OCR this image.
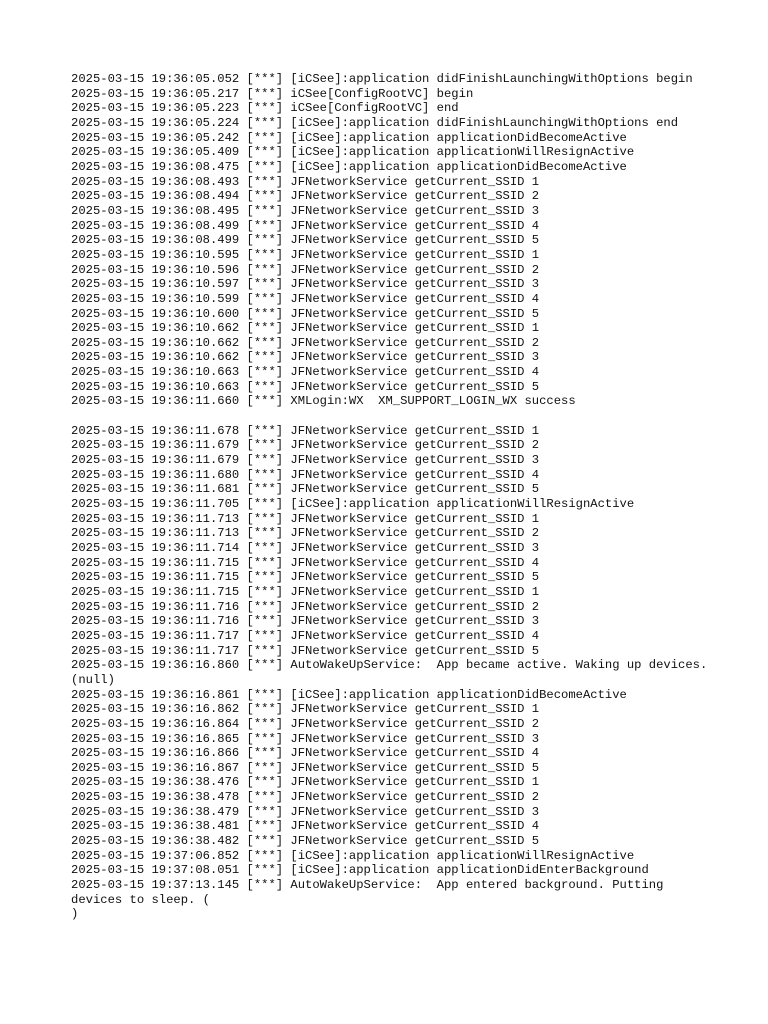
2025-03-15 19:36:05.052 [***] [iCSee]:application didFinishLaunchingWithOptions begin
2025-03-15 19:36:05.217 [***] iCSee[ConfigRootVC] begin
2025-03-15 19:36:05.223 [***] iCSee[ConfigRootVC] end
2025-03-15 19:36:05.224 [***] [iCSee]:application didFinishLaunchingWithOptions end
2025-03-15 19:36:05.242 [***] [iCSee]:application applicationDidBecomeActive
2025-03-15 19:36:05.409 [***] [iCSee]:application applicationWillResignActive
2025-03-15 19:36:08.475 [***] [iCSee]:application applicationDidBecomeActive
2025-03-15 19:36:08.493 [***] JFNetworkService getCurrent_SSID 1
2025-03-15 19:36:08.494 [***] JFNetworkService getCurrent_SSID 2
2025-03-15 19:36:08.495 [***] JFNetworkService getCurrent_SSID 3
2025-03-15 19:36:08.499 [***] JFNetworkService getCurrent_SSID 4
2025-03-15 19:36:08.499 [***] JFNetworkService getCurrent_SSID 5
2025-03-15 19:36:10.595 [***] JFNetworkService getCurrent_SSID 1
2025-03-15 19:36:10.596 [***] JFNetworkService getCurrent_SSID 2
2025-03-15 19:36:10.597 [***] JFNetworkService getCurrent_SSID 3
2025-03-15 19:36:10.599 [***] JFNetworkService getCurrent_SSID 4
2025-03-15 19:36:10.600 [***] JFNetworkService getCurrent_SSID 5
2025-03-15 19:36:10.662 [***] JFNetworkService getCurrent_SSID 1
2025-03-15 19:36:10.662 [***] JFNetworkService getCurrent_SSID 2
2025-03-15 19:36:10.662 [***] JFNetworkService getCurrent_SSID 3
2025-03-15 19:36:10.663 [***] JFNetworkService getCurrent_SSID 4
2025-03-15 19:36:10.663 [***] JFNetworkService getCurrent_SSID 5
2025-03-15 19:36:11.660 [***] XMLogin:WX  XM_SUPPORT_LOGIN_WX success
2025-03-15 19:36:11.678 [***] JFNetworkService getCurrent_SSID 1
2025-03-15 19:36:11.679 [***] JFNetworkService getCurrent_SSID 2
2025-03-15 19:36:11.679 [***] JFNetworkService getCurrent_SSID 3
2025-03-15 19:36:11.680 [***] JFNetworkService getCurrent_SSID 4
2025-03-15 19:36:11.681 [***] JFNetworkService getCurrent_SSID 5
2025-03-15 19:36:11.705 [***] [iCSee]:application applicationWillResignActive
2025-03-15 19:36:11.713 [***] JFNetworkService getCurrent_SSID 1
2025-03-15 19:36:11.713 [***] JFNetworkService getCurrent_SSID 2
2025-03-15 19:36:11.714 [***] JFNetworkService getCurrent_SSID 3
2025-03-15 19:36:11.715 [***] JFNetworkService getCurrent_SSID 4
2025-03-15 19:36:11.715 [***] JFNetworkService getCurrent_SSID 5
2025-03-15 19:36:11.715 [***] JFNetworkService getCurrent_SSID 1
2025-03-15 19:36:11.716 [***] JFNetworkService getCurrent_SSID 2
2025-03-15 19:36:11.716 [***] JFNetworkService getCurrent_SSID 3
2025-03-15 19:36:11.717 [***] JFNetworkService getCurrent_SSID 4
2025-03-15 19:36:11.717 [***] JFNetworkService getCurrent_SSID 5
2025-03-15 19:36:16.860 [***] AutoWakeUpService:  App became active. Waking up devices. (null)
2025-03-15 19:36:16.861 [***] [iCSee]:application applicationDidBecomeActive
2025-03-15 19:36:16.862 [***] JFNetworkService getCurrent_SSID 1
2025-03-15 19:36:16.864 [***] JFNetworkService getCurrent_SSID 2
2025-03-15 19:36:16.865 [***] JFNetworkService getCurrent_SSID 3
2025-03-15 19:36:16.866 [***] JFNetworkService getCurrent_SSID 4
2025-03-15 19:36:16.867 [***] JFNetworkService getCurrent_SSID 5
2025-03-15 19:36:38.476 [***] JFNetworkService getCurrent_SSID 1
2025-03-15 19:36:38.478 [***] JFNetworkService getCurrent_SSID 2
2025-03-15 19:36:38.479 [***] JFNetworkService getCurrent_SSID 3
2025-03-15 19:36:38.481 [***] JFNetworkService getCurrent_SSID 4
2025-03-15 19:36:38.482 [***] JFNetworkService getCurrent_SSID 5
2025-03-15 19:37:06.852 [***] [iCSee]:application applicationWillResignActive
2025-03-15 19:37:08.051 [***] [iCSee]:application applicationDidEnterBackground
2025-03-15 19:37:13.145 [***] AutoWakeUpService:  App entered background. Putting devices to sleep. (
)
